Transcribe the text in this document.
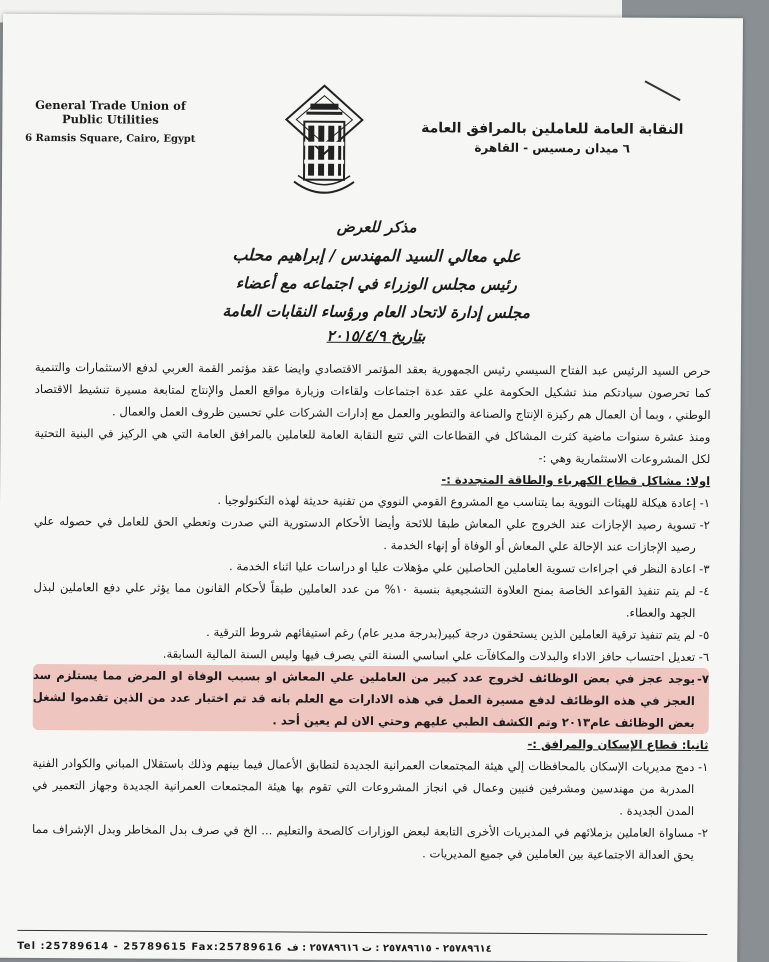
General Trade Union of Public Utilities
6 Ramsis Square, Cairo, Egypt
النقابة العامة للعاملين بالمرافق العامة
٦ ميدان رمسيس - القاهرة
مذكر للعرض
علي معالي السيد المهندس / إبراهيم محلب
رئيس مجلس الوزراء في اجتماعه مع أعضاء
مجلس إدارة لاتحاد العام ورؤساء النقابات العامة
بتاريخ ٢٠١٥/٤/٩

حرص السيد الرئيس عبد الفتاح السيسي رئيس الجمهورية بعقد المؤتمر الاقتصادي وايضا عقد مؤتمر القمة العربي لدفع الاستثمارات والتنمية كما تحرصون سيادتكم منذ تشكيل الحكومة علي عقد عدة اجتماعات ولقاءات وزيارة مواقع العمل والإنتاج لمتابعة مسيرة تنشيط الاقتصاد الوطني ، وبما أن العمال هم ركيزة الإنتاج والصناعة والتطوير والعمل مع إدارات الشركات علي تحسين ظروف العمل والعمال .

ومنذ عشرة سنوات ماضية كثرت المشاكل في القطاعات التي تتبع النقابة العامة للعاملين بالمرافق العامة التي هي الركيز في البنية التحتية لكل المشروعات الاستثمارية وهي :-

اولا: مشاكل قطاع الكهرباء والطاقة المتجددة :-

١-
إعادة هيكلة للهيئات النووية بما يتناسب مع المشروع القومي النووي من تقنية حديثة لهذه التكنولوجيا .
٢-
تسوية رصيد الإجازات عند الخروج علي المعاش طبقا للائحة وأيضا الأحكام الدستورية التي صدرت وتعطي الحق للعامل في حصوله علي رصيد الإجازات عند الإحالة علي المعاش أو الوفاة أو إنهاء الخدمة .
٣-
اعادة النظر في اجراءات تسوية العاملين الحاصلين علي مؤهلات عليا او دراسات عليا اثناء الخدمة .
٤-
لم يتم تنفيذ القواعد الخاصة بمنح العلاوة التشجيعية بنسبة ١٠% من عدد العاملين طبقاً لأحكام القانون مما يؤثر علي دفع العاملين لبذل الجهد والعطاء.
٥-
لم يتم تنفيذ ترقية العاملين الذين يستحقون درجة كبير(بدرجة مدير عام) رغم استيفائهم شروط الترقية .
٦-
تعديل احتساب حافز الاداء والبدلات والمكافآت علي اساسي السنة التي يصرف فيها وليس السنة المالية السابقة.
٧-
يوجد عجز في بعض الوظائف لخروج عدد كبير من العاملين علي المعاش او بسبب الوفاة او المرض مما يستلزم سد العجز في هذه الوظائف لدفع مسيرة العمل في هذه الادارات مع العلم بانه قد تم اختبار عدد من الذين تقدموا لشغل بعض الوظائف عام٢٠١٣ وتم الكشف الطبي عليهم وحتي الان لم يعين أحد .

ثانيا: قطاع الإسكان والمرافق :-

١-
دمج مديريات الإسكان بالمحافظات إلي هيئة المجتمعات العمرانية الجديدة لتطابق الأعمال فيما بينهم وذلك باستقلال المباني والكوادر الفنية المدربة من مهندسين ومشرفين فنيين وعمال في انجاز المشروعات التي تقوم بها هيئة المجتمعات العمرانية الجديدة وجهاز التعمير في المدن الجديدة .
٢-
مساواة العاملين بزملائهم في المديريات الأخرى التابعة لبعض الوزارات كالصحة والتعليم ... الخ في صرف بدل المخاطر وبدل الإشراف مما يحق العدالة الاجتماعية بين العاملين في جميع المديريات .
Tel :25789614 - 25789615 Fax:25789616 ٢٥٧٨٩٦١٤ - ٢٥٧٨٩٦١٥ : ت ٢٥٧٨٩٦١٦ : ف
